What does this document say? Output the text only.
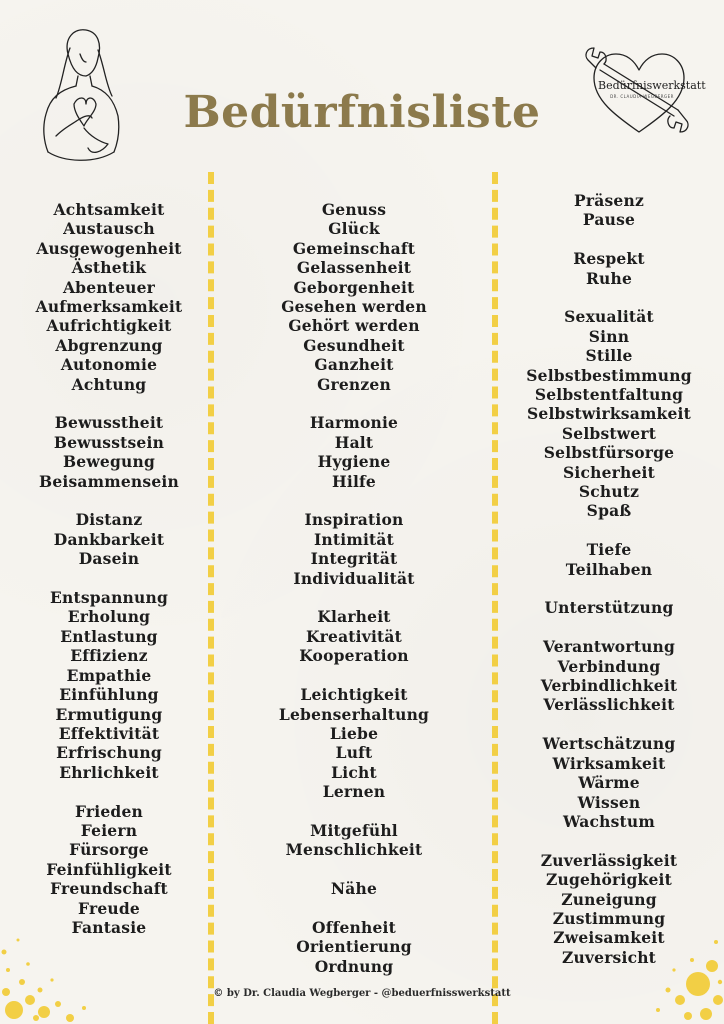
Bedürfnisliste
Bedürfniswerkstatt
DR. CLAUDIA WEGBERGER
Achtsamkeit
Austausch
Ausgewogenheit
Ästhetik
Abenteuer
Aufmerksamkeit
Aufrichtigkeit
Abgrenzung
Autonomie
Achtung
Bewusstheit
Bewusstsein
Bewegung
Beisammensein
Distanz
Dankbarkeit
Dasein
Entspannung
Erholung
Entlastung
Effizienz
Empathie
Einfühlung
Ermutigung
Effektivität
Erfrischung
Ehrlichkeit
Frieden
Feiern
Fürsorge
Feinfühligkeit
Freundschaft
Freude
Fantasie
Genuss
Glück
Gemeinschaft
Gelassenheit
Geborgenheit
Gesehen werden
Gehört werden
Gesundheit
Ganzheit
Grenzen
Harmonie
Halt
Hygiene
Hilfe
Inspiration
Intimität
Integrität
Individualität
Klarheit
Kreativität
Kooperation
Leichtigkeit
Lebenserhaltung
Liebe
Luft
Licht
Lernen
Mitgefühl
Menschlichkeit
Nähe
Offenheit
Orientierung
Ordnung
Präsenz
Pause
Respekt
Ruhe
Sexualität
Sinn
Stille
Selbstbestimmung
Selbstentfaltung
Selbstwirksamkeit
Selbstwert
Selbstfürsorge
Sicherheit
Schutz
Spaß
Tiefe
Teilhaben
Unterstützung
Verantwortung
Verbindung
Verbindlichkeit
Verlässlichkeit
Wertschätzung
Wirksamkeit
Wärme
Wissen
Wachstum
Zuverlässigkeit
Zugehörigkeit
Zuneigung
Zustimmung
Zweisamkeit
Zuversicht
© by Dr. Claudia Wegberger - @beduerfnisswerkstatt
